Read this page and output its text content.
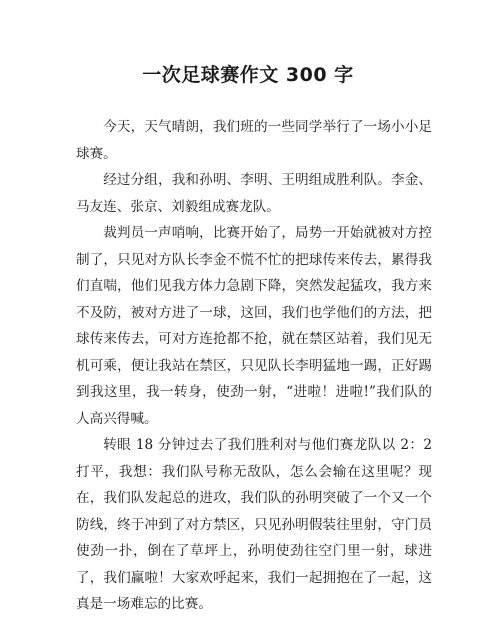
一次足球赛作文 300 字

今天，天气晴朗，我们班的一些同学举行了一场小小足球赛。

经过分组，我和孙明、李明、王明组成胜利队。李金、马友连、张京、刘毅组成赛龙队。

裁判员一声哨响，比赛开始了，局势一开始就被对方控制了，只见对方队长李金不慌不忙的把球传来传去，累得我们直喘，他们见我方体力急剧下降，突然发起猛攻，我方来不及防，被对方进了一球，这回，我们也学他们的方法，把球传来传去，可对方连抢都不抢，就在禁区站着，我们见无机可乘，便让我站在禁区，只见队长李明猛地一踢，正好踢到我这里，我一转身，使劲一射，“进啦！进啦!”我们队的人高兴得喊。

转眼 18 分钟过去了我们胜利对与他们赛龙队以 2：2 打平，我想：我们队号称无敌队，怎么会输在这里呢？现在，我们队发起总的进攻，我们队的孙明突破了一个又一个防线，终于冲到了对方禁区，只见孙明假装往里射，守门员使劲一扑，倒在了草坪上，孙明使劲往空门里一射，球进了，我们赢啦！大家欢呼起来，我们一起拥抱在了一起，这真是一场难忘的比赛。
